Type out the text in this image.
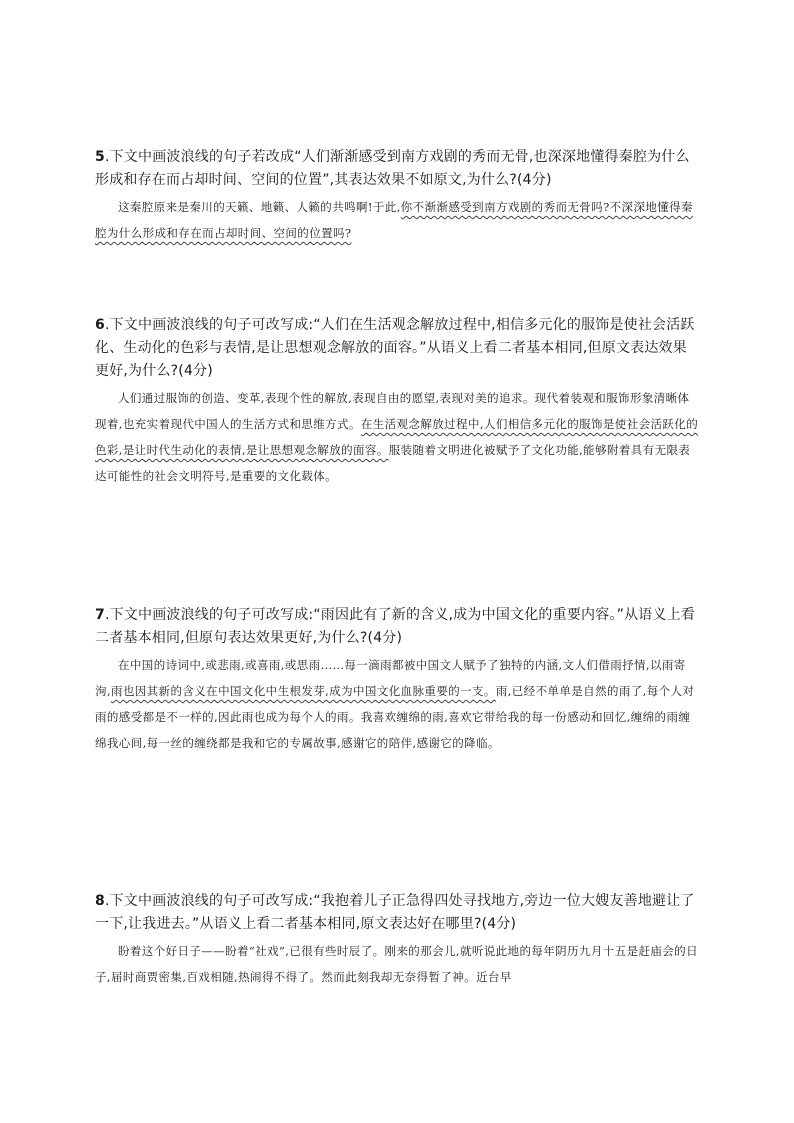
5.下文中画波浪线的句子若改成“人们渐渐感受到南方戏剧的秀而无骨,也深深地懂得秦腔为什么形成和存在而占却时间、空间的位置”,其表达效果不如原文,为什么?(4分)
这秦腔原来是秦川的天籁、地籁、人籁的共鸣啊!于此,你不渐渐感受到南方戏剧的秀而无骨吗?不深深地懂得秦腔为什么形成和存在而占却时间、空间的位置吗?
6.下文中画波浪线的句子可改写成:“人们在生活观念解放过程中,相信多元化的服饰是使社会活跃化、生动化的色彩与表情,是让思想观念解放的面容。”从语义上看二者基本相同,但原文表达效果更好,为什么?(4分)
人们通过服饰的创造、变革,表现个性的解放,表现自由的愿望,表现对美的追求。现代着装观和服饰形象清晰体现着,也充实着现代中国人的生活方式和思维方式。在生活观念解放过程中,人们相信多元化的服饰是使社会活跃化的色彩,是让时代生动化的表情,是让思想观念解放的面容。服装随着文明进化被赋予了文化功能,能够附着具有无限表达可能性的社会文明符号,是重要的文化载体。
7.下文中画波浪线的句子可改写成:“雨因此有了新的含义,成为中国文化的重要内容。”从语义上看二者基本相同,但原句表达效果更好,为什么?(4分)
在中国的诗词中,或悲雨,或喜雨,或思雨……每一滴雨都被中国文人赋予了独特的内涵,文人们借雨抒情,以雨寄洵,雨也因其新的含义在中国文化中生根发芽,成为中国文化血脉重要的一支。雨,已经不单单是自然的雨了,每个人对雨的感受都是不一样的,因此雨也成为每个人的雨。我喜欢缠绵的雨,喜欢它带给我的每一份感动和回忆,缠绵的雨缠绵我心间,每一丝的缠绕都是我和它的专属故事,感谢它的陪伴,感谢它的降临。
8.下文中画波浪线的句子可改写成:“我抱着儿子正急得四处寻找地方,旁边一位大嫂友善地避让了一下,让我进去。”从语义上看二者基本相同,原文表达好在哪里?(4分)
盼着这个好日子——盼着“社戏”,已很有些时辰了。刚来的那会儿,就听说此地的每年阴历九月十五是赶庙会的日子,届时商贾密集,百戏相随,热闹得不得了。然而此刻我却无奈得暂了神。近台早
